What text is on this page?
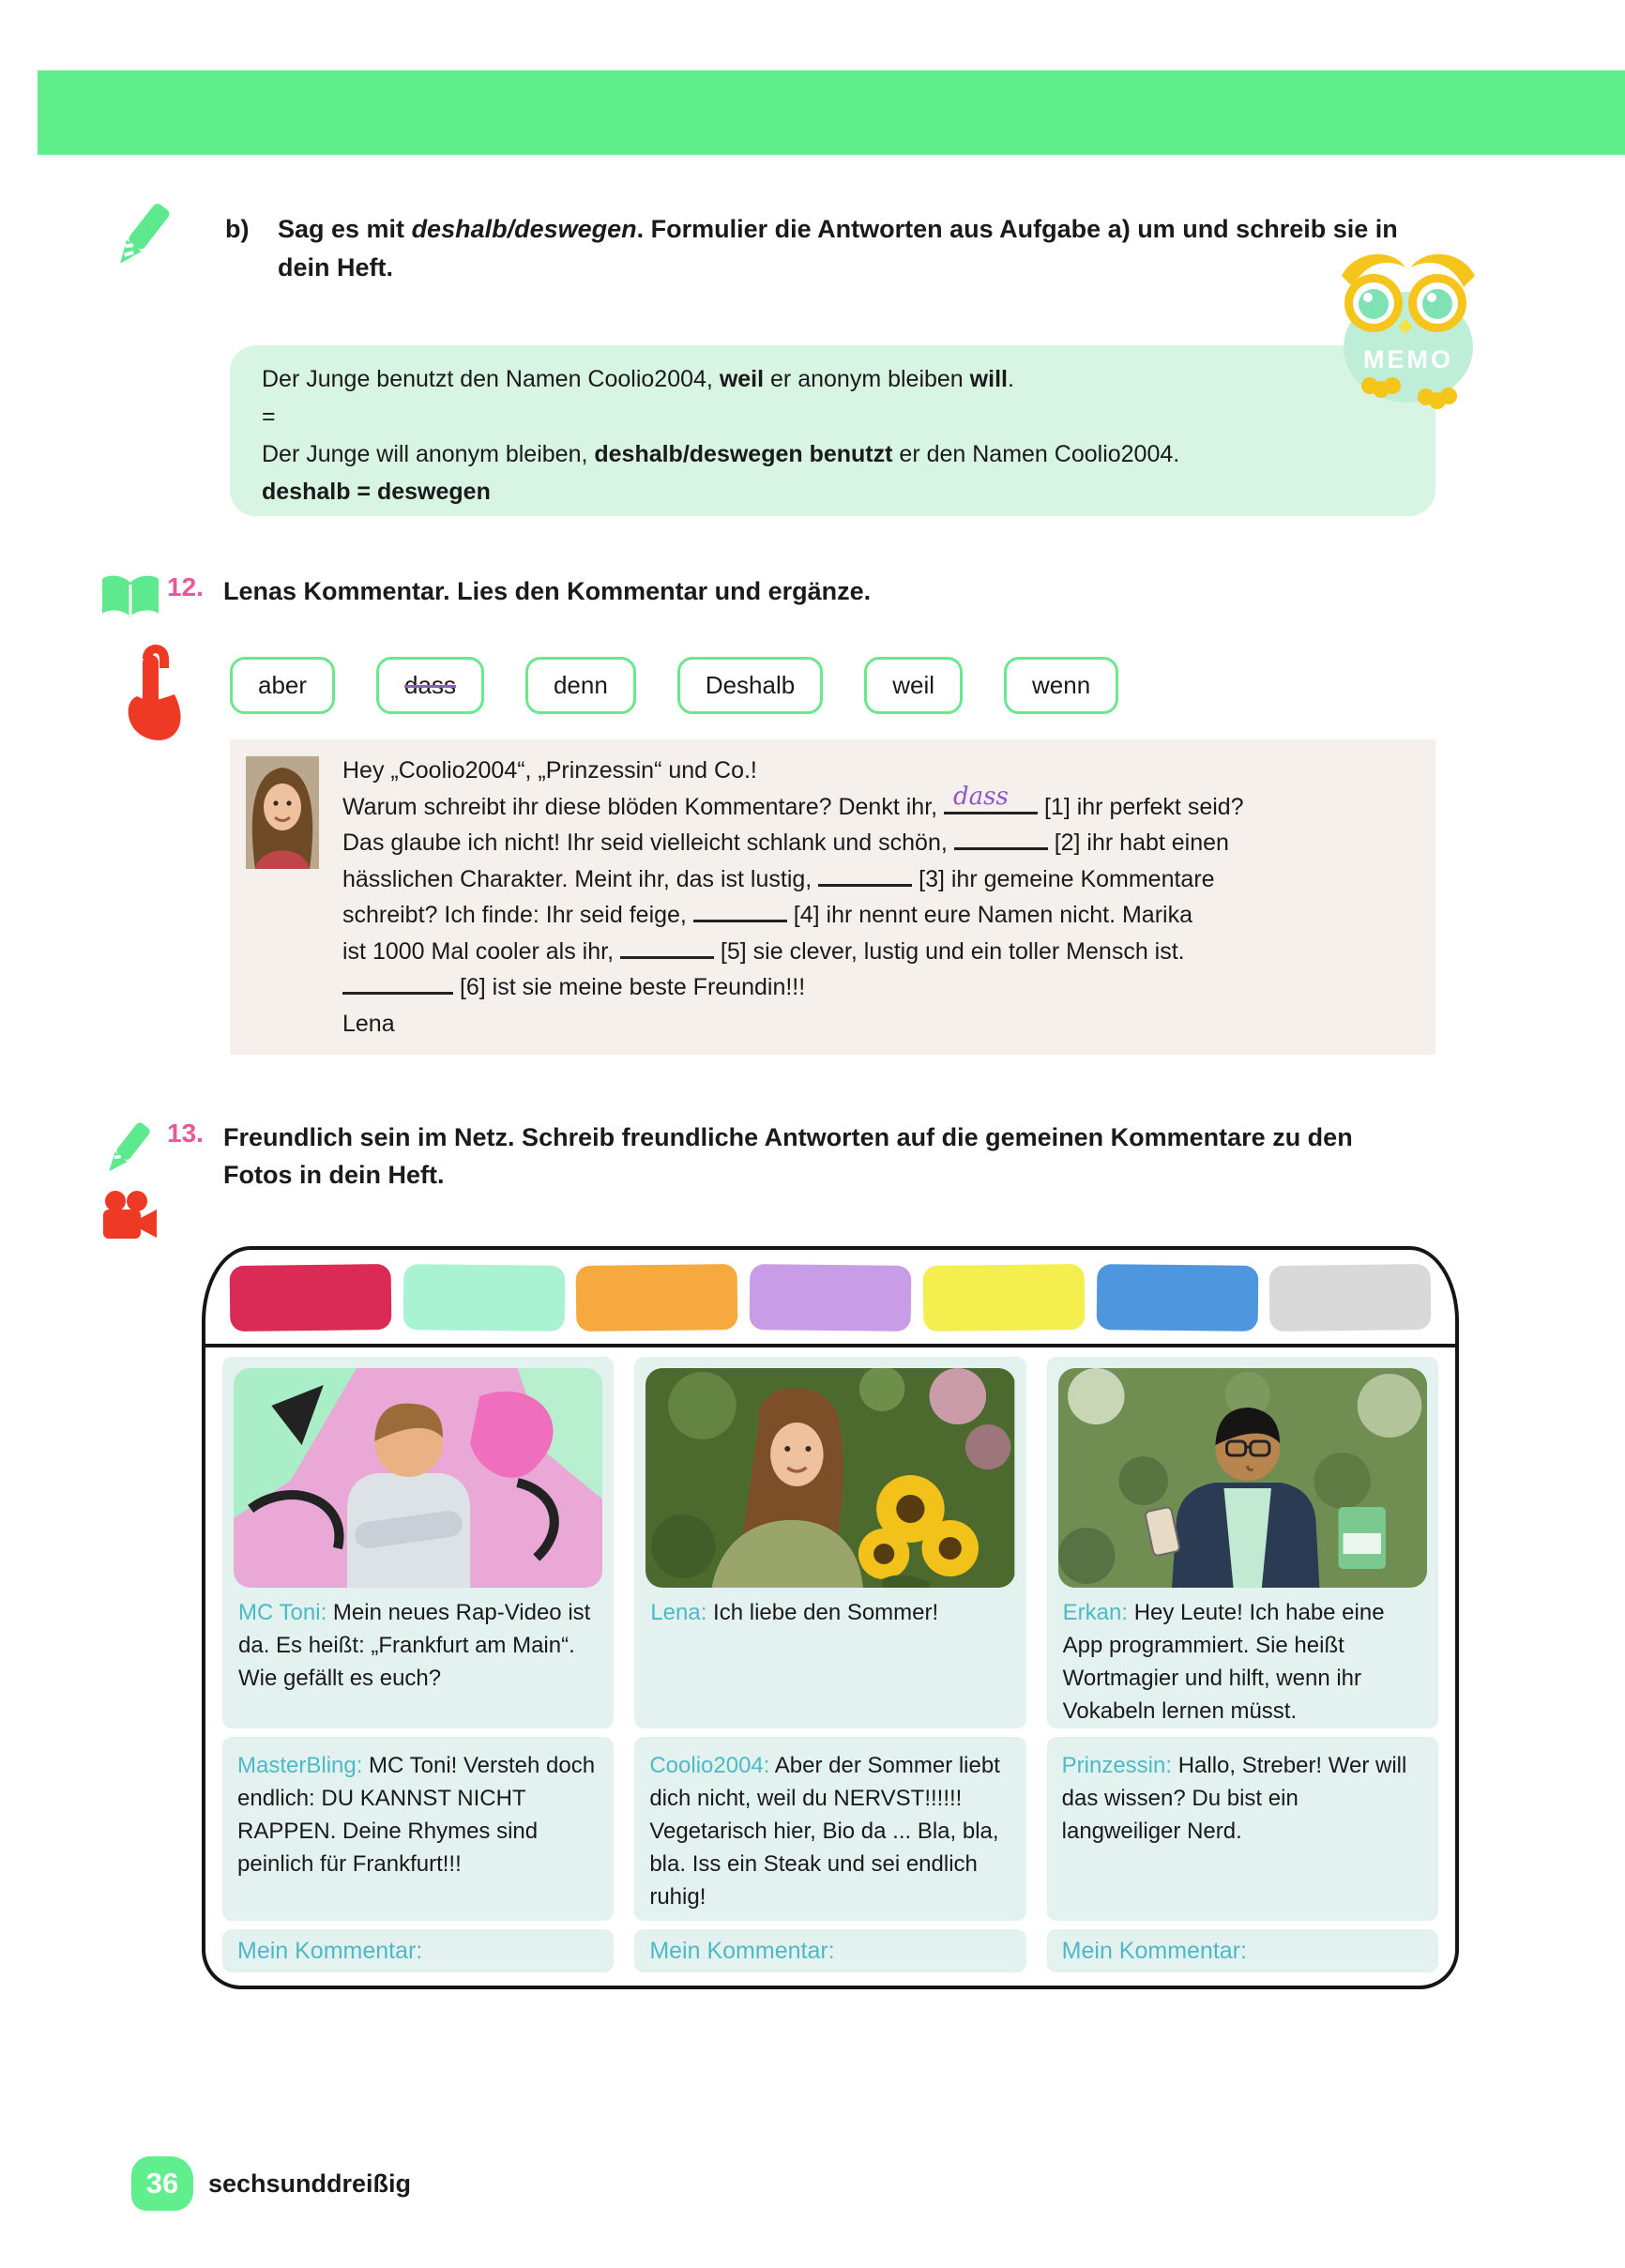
b)	Sag es mit deshalb/deswegen. Formulier die Antworten aus Aufgabe a) um und schreib sie in dein Heft.
Der Junge benutzt den Namen Coolio2004, weil er anonym bleiben will.
=
Der Junge will anonym bleiben, deshalb/deswegen benutzt er den Namen Coolio2004.
deshalb = deswegen
MEMO
12. Lenas Kommentar. Lies den Kommentar und ergänze.
aber	dass	denn	Deshalb	weil	wenn
Hey „Coolio2004“, „Prinzessin“ und Co.!
Warum schreibt ihr diese blöden Kommentare? Denkt ihr, dass [1] ihr perfekt seid?
Das glaube ich nicht! Ihr seid vielleicht schlank und schön,	[2] ihr habt einen
hässlichen Charakter. Meint ihr, das ist lustig,	[3] ihr gemeine Kommentare
schreibt? Ich finde: Ihr seid feige,	[4] ihr nennt eure Namen nicht. Marika
ist 1000 Mal cooler als ihr,	[5] sie clever, lustig und ein toller Mensch ist.
[6] ist sie meine beste Freundin!!!
Lena
13. Freundlich sein im Netz. Schreib freundliche Antworten auf die gemeinen Kommentare zu den Fotos in dein Heft.
MC Toni: Mein neues Rap-Video ist da. Es heißt: „Frankfurt am Main“. Wie gefällt es euch?
MasterBling: MC Toni! Versteh doch endlich: DU KANNST NICHT RAPPEN. Deine Rhymes sind peinlich für Frankfurt!!!
Mein Kommentar:
Lena: Ich liebe den Sommer!
Coolio2004: Aber der Sommer liebt dich nicht, weil du NERVST!!!!!! Vegetarisch hier, Bio da ... Bla, bla, bla. Iss ein Steak und sei endlich ruhig!
Mein Kommentar:
Erkan: Hey Leute! Ich habe eine App programmiert. Sie heißt Wortmagier und hilft, wenn ihr Vokabeln lernen müsst.
Prinzessin: Hallo, Streber! Wer will das wissen? Du bist ein langweiliger Nerd.
Mein Kommentar:
36 sechsunddreißig
